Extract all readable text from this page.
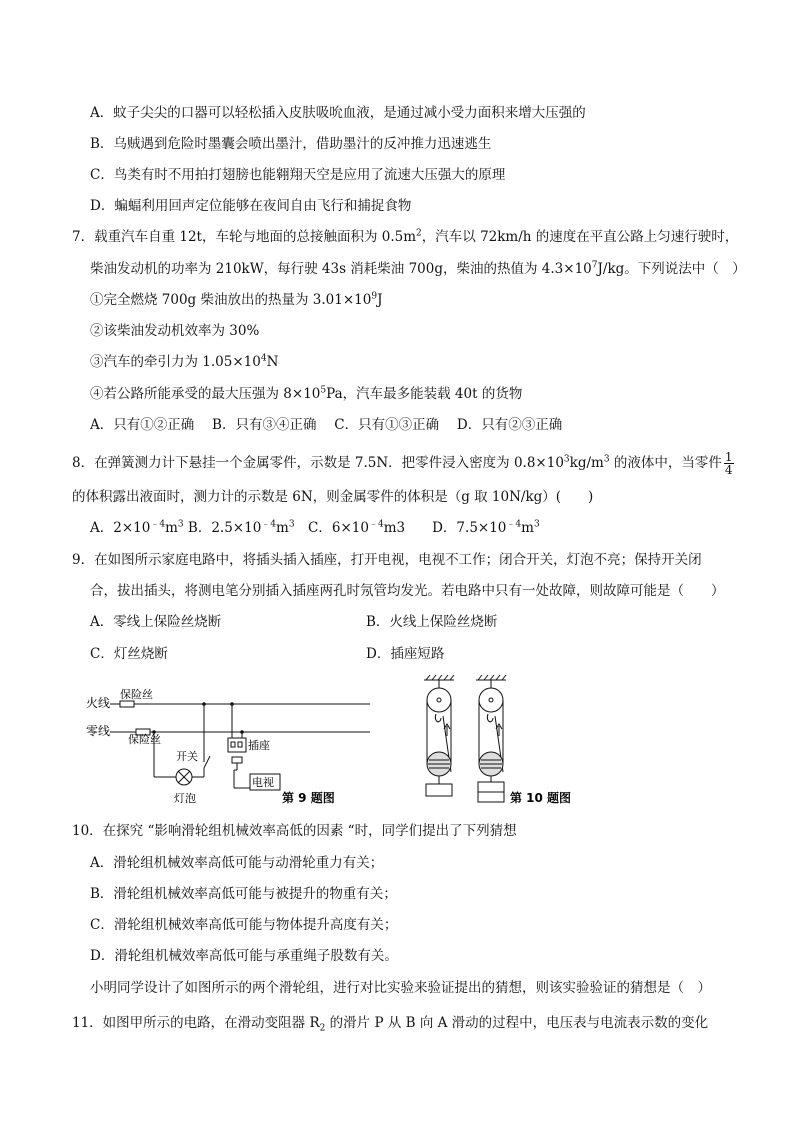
A．蚊子尖尖的口器可以轻松插入皮肤吸吮血液，是通过减小受力面积来增大压强的
B．乌贼遇到危险时墨囊会喷出墨汁，借助墨汁的反冲推力迅速逃生
C．鸟类有时不用拍打翅膀也能翱翔天空是应用了流速大压强大的原理
D．蝙蝠利用回声定位能够在夜间自由飞行和捕捉食物
7．载重汽车自重 12t，车轮与地面的总接触面积为 $0.5m^2$，汽车以 72km/h 的速度在平直公路上匀速行驶时，
柴油发动机的功率为 210kW，每行驶 43s 消耗柴油 700g，柴油的热值为 $4.3\times 10^7J/kg$。下列说法中（　）
①完全燃烧 700g 柴油放出的热量为 $3.01\times 10^9J$
②该柴油发动机效率为 30%
③汽车的牵引力为 $1.05\times 10^4N$
④若公路所能承受的最大压强为 $8\times 10^5Pa$，汽车最多能装载 40t 的货物
A．只有①②正确　 B．只有③④正确　 C．只有①③正确　 D．只有②③正确
8．在弹簧测力计下悬挂一个金属零件，示数是 7.5N．把零件浸入密度为 $0.8\times 10^3kg/m^3$ 的液体中，当零件 $\frac{1}{4}$
的体积露出液面时，测力计的示数是 6N，则金属零件的体积是（g 取 10N/kg）(　　)
A．$2\times 10^{﹣4}m^3$ B．$2.5\times 10^{﹣4}m^3$　C．$6\times 10^{﹣4}m3$　　D．$7.5\times 10^{﹣4}m^3$
9．在如图所示家庭电路中，将插头插入插座，打开电视，电视不工作；闭合开关，灯泡不亮；保持开关闭
合，拔出插头，将测电笔分别插入插座两孔时氖管均发光。若电路中只有一处故障，则故障可能是（　　）
A．零线上保险丝烧断	B．火线上保险丝烧断
C．灯丝烧断	D．插座短路
火线
零线
保险丝
保险丝
开关
插座
灯泡
电视
第 9 题图	第 10 题图
10．在探究 “影响滑轮组机械效率高低的因素 “时，同学们提出了下列猜想
A．滑轮组机械效率高低可能与动滑轮重力有关；
B．滑轮组机械效率高低可能与被提升的物重有关；
C．滑轮组机械效率高低可能与物体提升高度有关；
D．滑轮组机械效率高低可能与承重绳子股数有关。
小明同学设计了如图所示的两个滑轮组，进行对比实验来验证提出的猜想，则该实验验证的猜想是（　）
11．如图甲所示的电路，在滑动变阻器 $R_2$ 的滑片 P 从 B 向 A 滑动的过程中，电压表与电流表示数的变化
